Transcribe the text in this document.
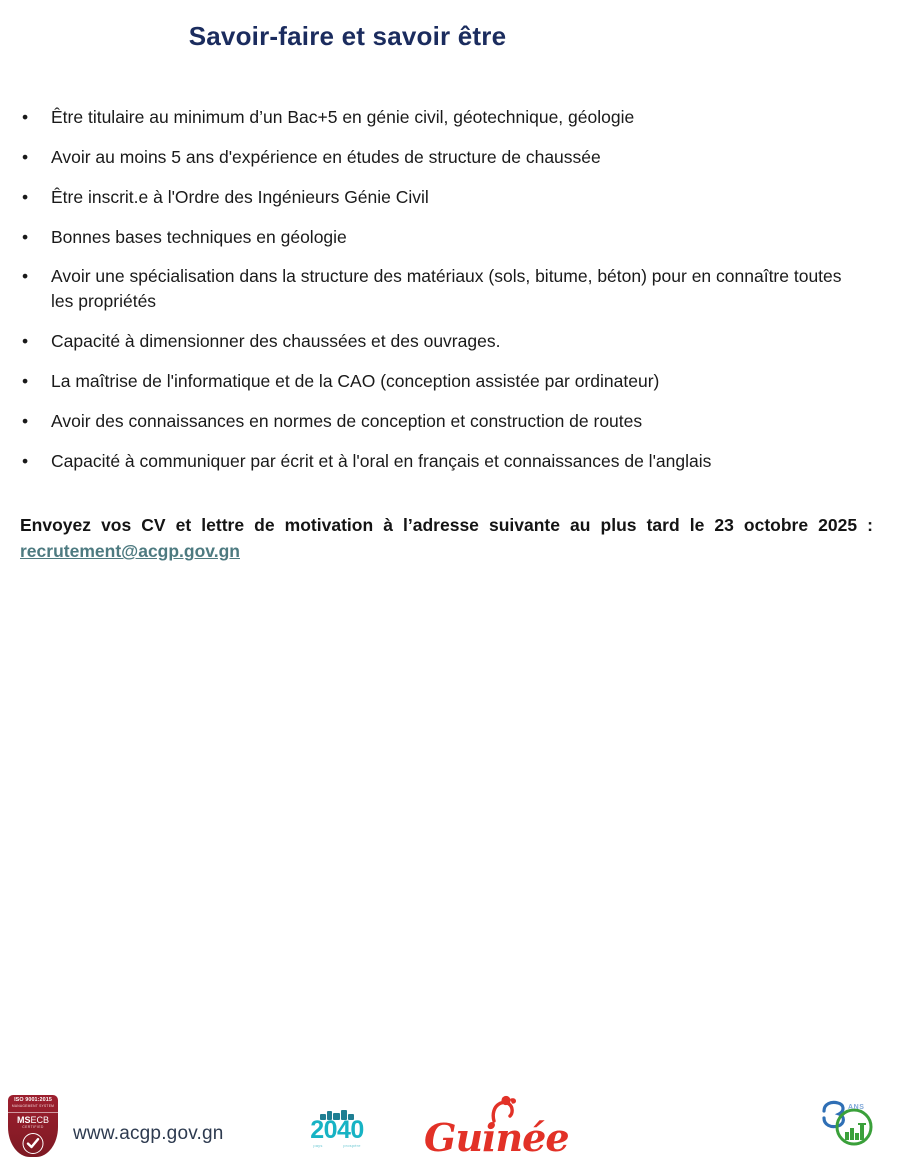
Savoir-faire et savoir être
• Être titulaire au minimum d’un Bac+5 en génie civil, géotechnique, géologie
• Avoir au moins 5 ans d'expérience en études de structure de chaussée
• Être inscrit.e à l'Ordre des Ingénieurs Génie Civil
• Bonnes bases techniques en géologie
• Avoir une spécialisation dans la structure des matériaux (sols, bitume, béton) pour en connaître toutes les propriétés
• Capacité à dimensionner des chaussées et des ouvrages.
• La maîtrise de l'informatique et de la CAO (conception assistée par ordinateur)
• Avoir des connaissances en normes de conception et construction de routes
• Capacité à communiquer par écrit et à l'oral en français et connaissances de l'anglais
Envoyez vos CV et lettre de motivation à l’adresse suivante au plus tard le 23 octobre 2025 : recrutement@acgp.gov.gn
ISO 9001:2015
MANAGEMENT SYSTEM
MSECB
CERTIFIED	www.acgp.gov.gn	2040
pays	prospère Guinée
ANS
